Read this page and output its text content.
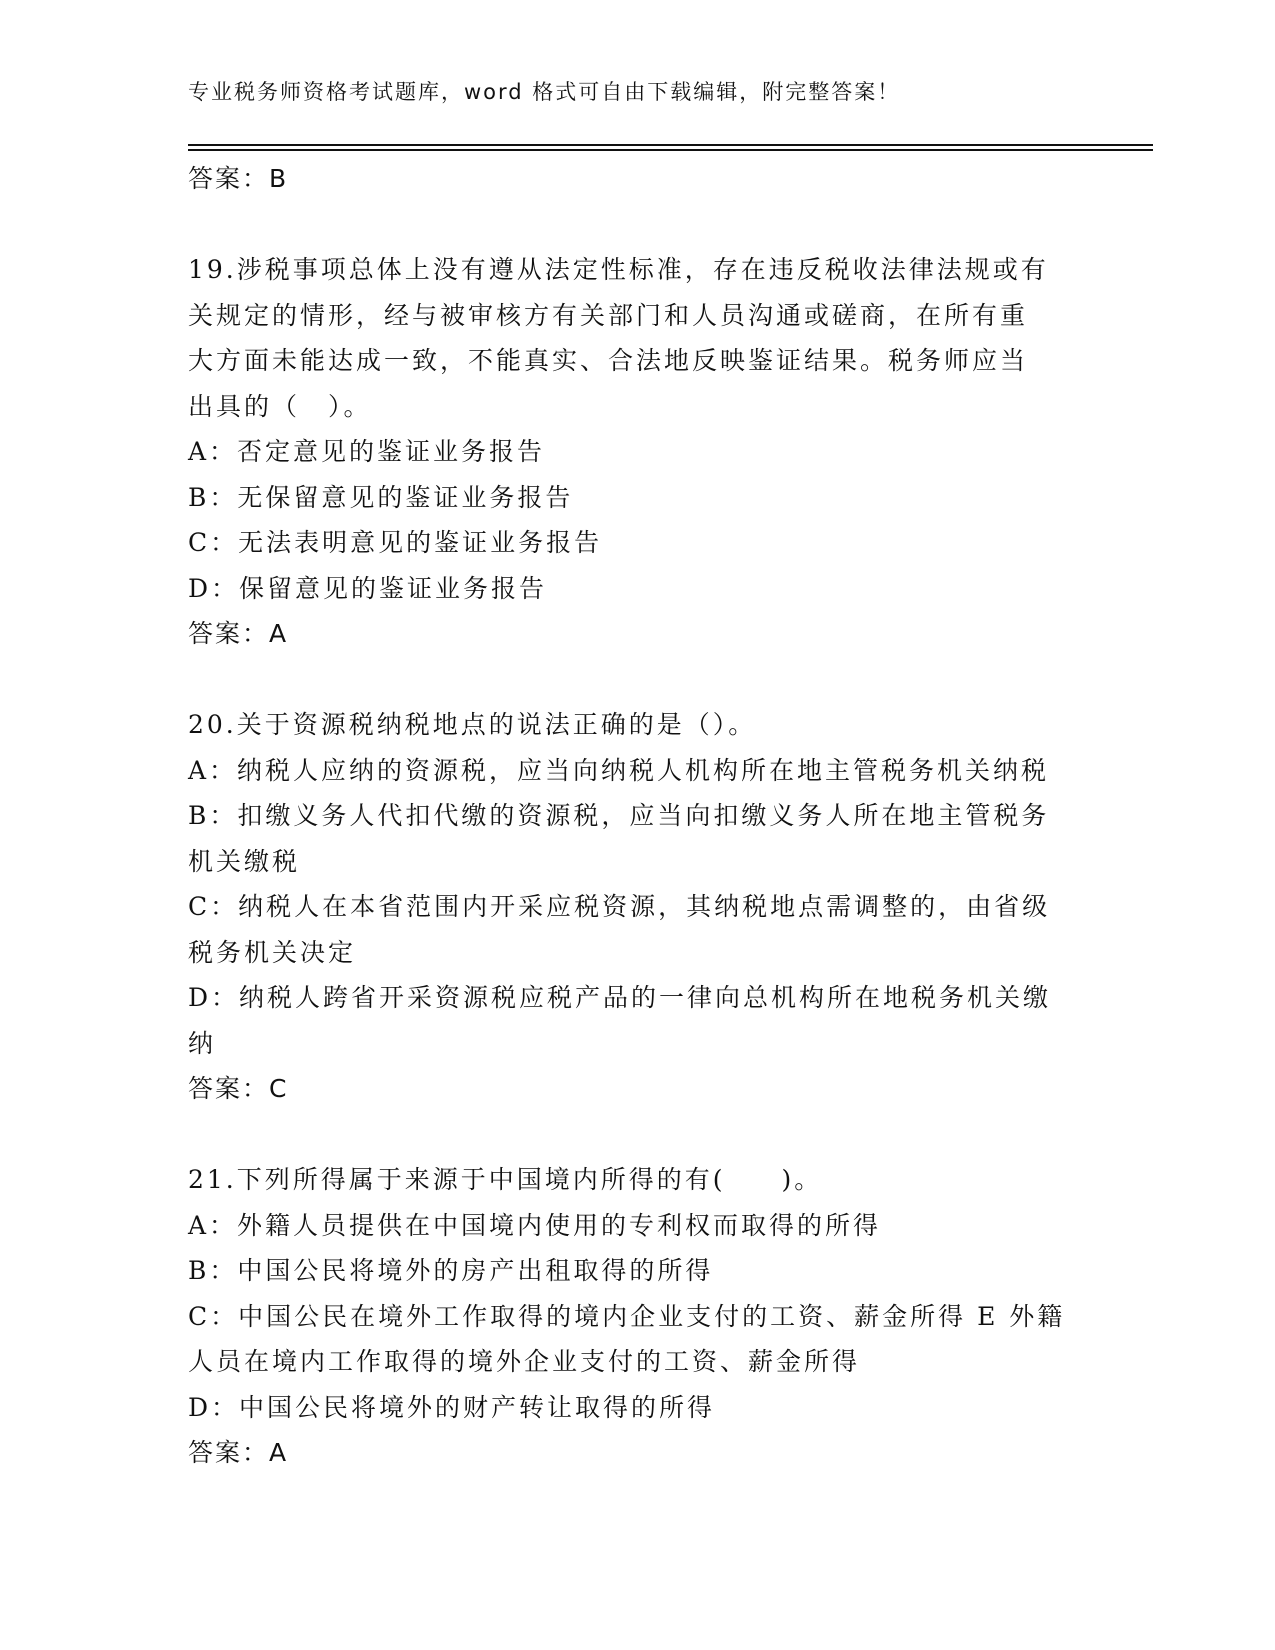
专业税务师资格考试题库，word 格式可自由下载编辑，附完整答案！
答案：B
19.涉税事项总体上没有遵从法定性标准，存在违反税收法律法规或有
关规定的情形，经与被审核方有关部门和人员沟通或磋商，在所有重
大方面未能达成一致，不能真实、合法地反映鉴证结果。税务师应当
出具的（　）。
A：否定意见的鉴证业务报告
B：无保留意见的鉴证业务报告
C：无法表明意见的鉴证业务报告
D：保留意见的鉴证业务报告
答案：A
20.关于资源税纳税地点的说法正确的是（）。
A：纳税人应纳的资源税，应当向纳税人机构所在地主管税务机关纳税
B：扣缴义务人代扣代缴的资源税，应当向扣缴义务人所在地主管税务
机关缴税
C：纳税人在本省范围内开采应税资源，其纳税地点需调整的，由省级
税务机关决定
D：纳税人跨省开采资源税应税产品的一律向总机构所在地税务机关缴
纳
答案：C
21.下列所得属于来源于中国境内所得的有(　　)。
A：外籍人员提供在中国境内使用的专利权而取得的所得
B：中国公民将境外的房产出租取得的所得
C：中国公民在境外工作取得的境内企业支付的工资、薪金所得 E 外籍
人员在境内工作取得的境外企业支付的工资、薪金所得
D：中国公民将境外的财产转让取得的所得
答案：A
